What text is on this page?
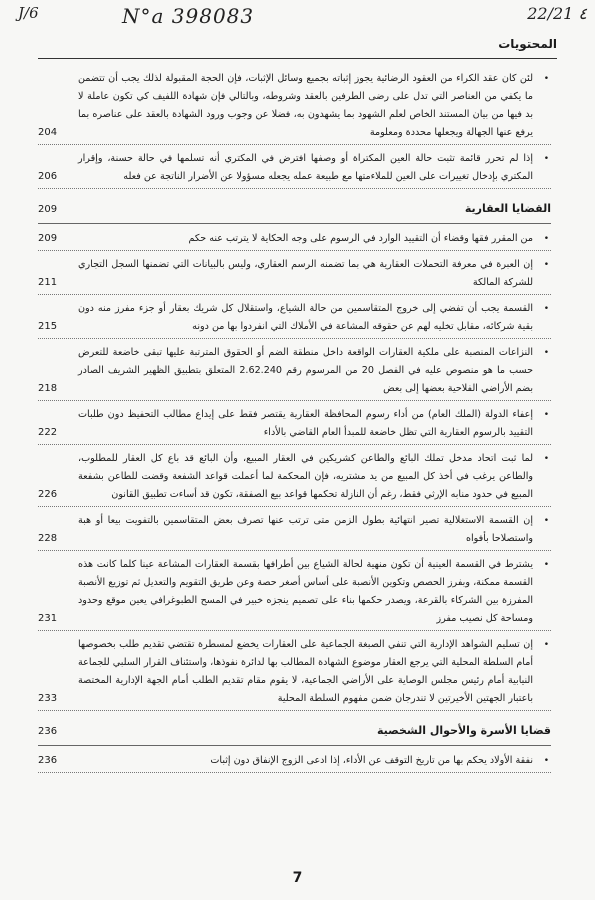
٤ 22/21
N°a 398083
J/6
المحتويات
•
لئن كان عقد الكراء من العقود الرضائية يجوز إثباته بجميع وسائل الإثبات، فإن الحجة المقبولة لذلك يجب أن تتضمن ما يكفي من العناصر التي تدل على رضى الطرفين بالعقد وشروطه، وبالتالي فإن شهادة اللفيف كي تكون عاملة لا بد فيها من بيان المستند الخاص لعلم الشهود بما يشهدون به، فضلا عن وجوب ورود الشهادة بالعقد على عناصره بما يرفع عنها الجهالة ويجعلها محددة ومعلومة
204
•
إذا لم تحرر قائمة تثبت حالة العين المكتراة أو وصفها افترض في المكتري أنه تسلمها في حالة حسنة، وإقرار المكتري بإدخال تغييرات على العين للملاءمتها مع طبيعة عمله يجعله مسؤولا عن الأضرار الناتجة عن فعله
206
القضايا العقارية
209
•
من المقرر فقها وقضاء أن التقييد الوارد في الرسوم على وجه الحكاية لا يترتب عنه حكم
209
•
إن العبرة في معرفة التحملات العقارية هي بما تضمنه الرسم العقاري، وليس بالبيانات التي تضمنها السجل التجاري للشركة المالكة
211
•
القسمة يجب أن تفضي إلى خروج المتقاسمين من حالة الشياع، واستقلال كل شريك بعقار أو جزء مفرز منه دون بقية شركائه، مقابل تخليه لهم عن حقوقه المشاعة في الأملاك التي انفردوا بها من دونه
215
•
النزاعات المنصبة على ملكية العقارات الواقعة داخل منطقة الضم أو الحقوق المترتبة عليها تبقى خاضعة للتعرض حسب ما هو منصوص عليه في الفصل 20 من المرسوم رقم 2.62.240 المتعلق بتطبيق الظهير الشريف الصادر بضم الأراضي الفلاحية بعضها إلى بعض
218
•
إعفاء الدولة (الملك العام) من أداء رسوم المحافظة العقارية يقتصر فقط على إيداع مطالب التحفيظ دون طلبات التقييد بالرسوم العقارية التي تظل خاضعة للمبدأ العام القاضي بالأداء
222
•
لما ثبت اتحاد مدخل تملك البائع والطاعن كشريكين في العقار المبيع، وأن البائع قد باع كل العقار للمطلوب، والطاعن يرغب في أخذ كل المبيع من يد مشتريه، فإن المحكمة لما أعملت قواعد الشفعة وقضت للطاعن بشفعة المبيع في حدود منابه الإرثي فقط، رغم أن النازلة تحكمها قواعد بيع الصفقة، تكون قد أساءت تطبيق القانون
226
•
إن القسمة الاستغلالية تصير انتهائية بطول الزمن متى ترتب عنها تصرف بعض المتقاسمين بالتفويت بيعا أو هبة واستصلاحا بأفواه
228
•
يشترط في القسمة العينية أن تكون منهية لحالة الشياع بين أطرافها بقسمة العقارات المشاعة عينا كلما كانت هذه القسمة ممكنة، وبفرز الحصص وتكوين الأنصبة على أساس أصغر حصة وعن طريق التقويم والتعديل ثم توزيع الأنصبة المفرزة بين الشركاء بالقرعة، ويصدر حكمها بناء على تصميم ينجزه خبير في المسح الطبوغرافي يعين موقع وحدود ومساحة كل نصيب مفرز
231
•
إن تسليم الشواهد الإدارية التي تنفي الصبغة الجماعية على العقارات يخضع لمسطرة تقتضي تقديم طلب بخصوصها أمام السلطة المحلية التي يرجع العقار موضوع الشهادة المطالب بها لدائرة نفوذها، واستئناف القرار السلبي للجماعة النيابية أمام رئيس مجلس الوصاية على الأراضي الجماعية، لا يقوم مقام تقديم الطلب أمام الجهة الإدارية المختصة باعتبار الجهتين الأخيرتين لا تندرجان ضمن مفهوم السلطة المحلية
233
قضايا الأسرة والأحوال الشخصية
236
•
نفقة الأولاد يحكم بها من تاريخ التوقف عن الأداء، إذا ادعى الزوج الإنفاق دون إثبات
236
7
